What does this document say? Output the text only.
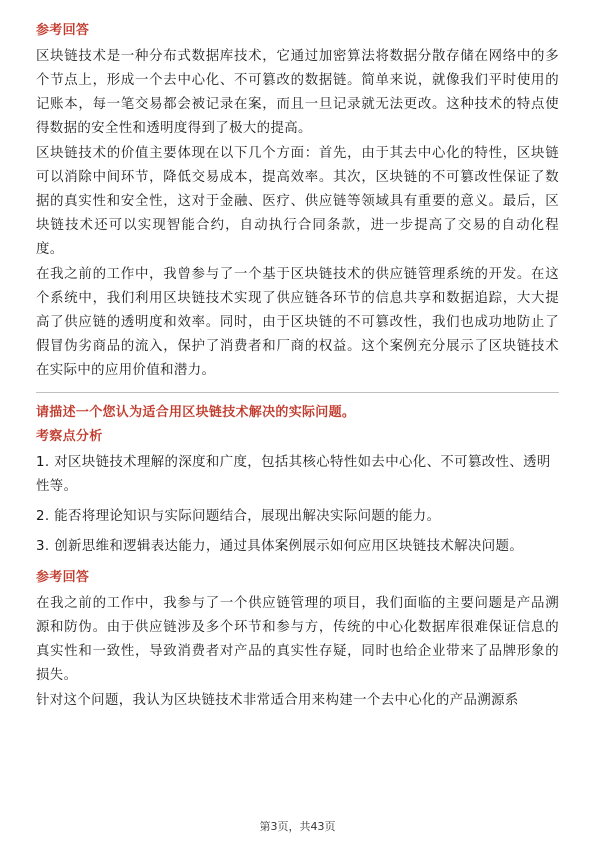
参考回答
区块链技术是一种分布式数据库技术，它通过加密算法将数据分散存储在网络中的多个节点上，形成一个去中心化、不可篡改的数据链。简单来说，就像我们平时使用的记账本，每一笔交易都会被记录在案，而且一旦记录就无法更改。这种技术的特点使得数据的安全性和透明度得到了极大的提高。
区块链技术的价值主要体现在以下几个方面：首先，由于其去中心化的特性，区块链可以消除中间环节，降低交易成本，提高效率。其次，区块链的不可篡改性保证了数据的真实性和安全性，这对于金融、医疗、供应链等领域具有重要的意义。最后，区块链技术还可以实现智能合约，自动执行合同条款，进一步提高了交易的自动化程度。
在我之前的工作中，我曾参与了一个基于区块链技术的供应链管理系统的开发。在这个系统中，我们利用区块链技术实现了供应链各环节的信息共享和数据追踪，大大提高了供应链的透明度和效率。同时，由于区块链的不可篡改性，我们也成功地防止了假冒伪劣商品的流入，保护了消费者和厂商的权益。这个案例充分展示了区块链技术在实际中的应用价值和潜力。
请描述一个您认为适合用区块链技术解决的实际问题。
考察点分析
1. 对区块链技术理解的深度和广度，包括其核心特性如去中心化、不可篡改性、透明性等。
2. 能否将理论知识与实际问题结合，展现出解决实际问题的能力。
3. 创新思维和逻辑表达能力，通过具体案例展示如何应用区块链技术解决问题。
参考回答
在我之前的工作中，我参与了一个供应链管理的项目，我们面临的主要问题是产品溯源和防伪。由于供应链涉及多个环节和参与方，传统的中心化数据库很难保证信息的真实性和一致性，导致消费者对产品的真实性存疑，同时也给企业带来了品牌形象的损失。
针对这个问题，我认为区块链技术非常适合用来构建一个去中心化的产品溯源系
第3页，共43页
